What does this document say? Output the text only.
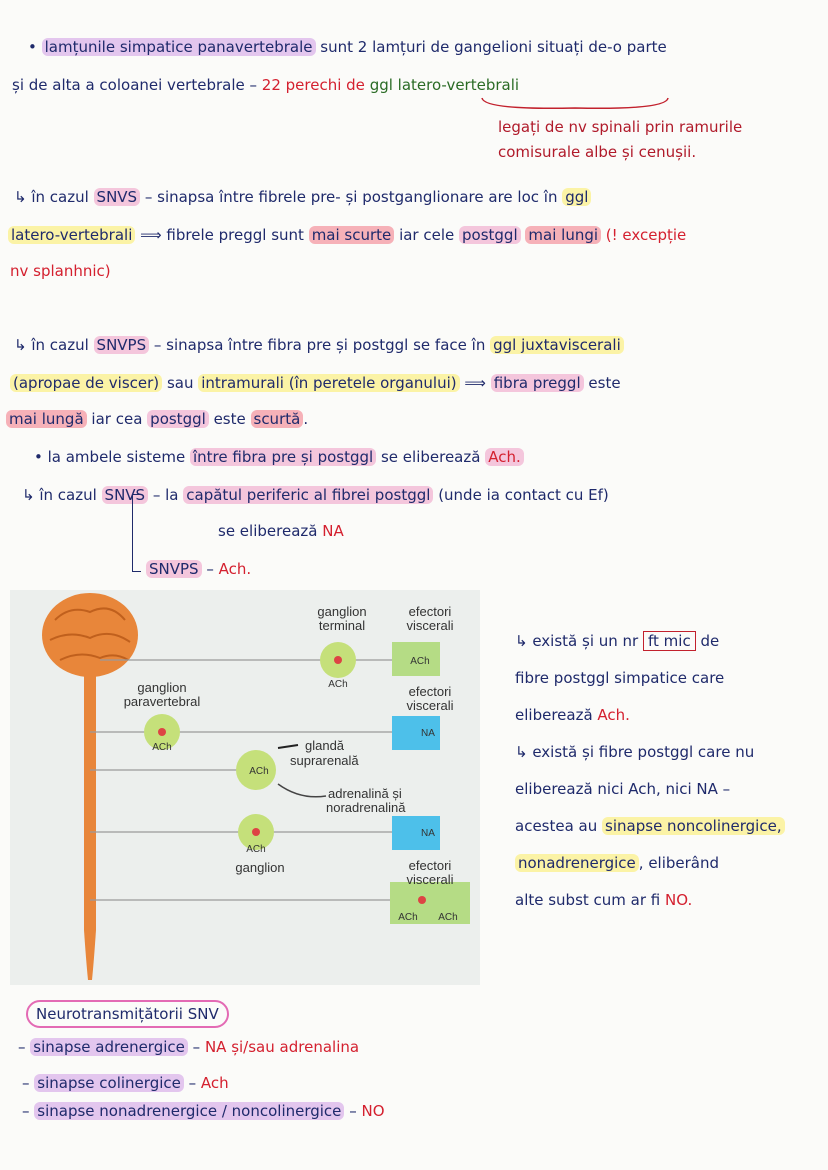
• lamțunile simpatice panavertebrale sunt 2 lamțuri de gangelioni situați de-o parte
și de alta a coloanei vertebrale – 22 perechi de ggl latero-vertebrali
legați de nv spinali prin ramurile
comisurale albe și cenușii.
↳ în cazul SNVS – sinapsa între fibrele pre- și postganglionare are loc în ggl
latero-vertebrali ⟹ fibrele preggl sunt mai scurte iar cele postggl mai lungi (! excepție
nv splanhnic)
↳ în cazul SNVPS – sinapsa între fibra pre și postggl se face în ggl juxtaviscerali
(apropae de viscer) sau intramurali (în peretele organului) ⟹ fibra preggl este
mai lungă iar cea postggl este scurtă .
• la ambele sisteme între fibra pre și postggl se eliberează Ach.
↳ în cazul SNVS – la capătul periferic al fibrei postggl (unde ia contact cu Ef)
se eliberează NA
SNVPS – Ach.
ganglion
terminal
efectori
viscerali
ACh
ACh
ganglion
paravertebral
efectori
viscerali
NA
ACh	glandă
suprarenală
ACh
adrenalină și
noradrenalină
NA
ACh
ganglion	efectori
viscerali
ACh ACh
↳ există și un nr ft mic de
fibre postggl simpatice care
eliberează Ach.
↳ există și fibre postggl care nu
eliberează nici Ach, nici NA –
acestea au sinapse noncolinergice,
nonadrenergice , eliberând
alte subst cum ar fi NO.
Neurotransmițătorii SNV
– sinapse adrenergice – NA și/sau adrenalina
– sinapse colinergice – Ach
– sinapse nonadrenergice / noncolinergice – NO
